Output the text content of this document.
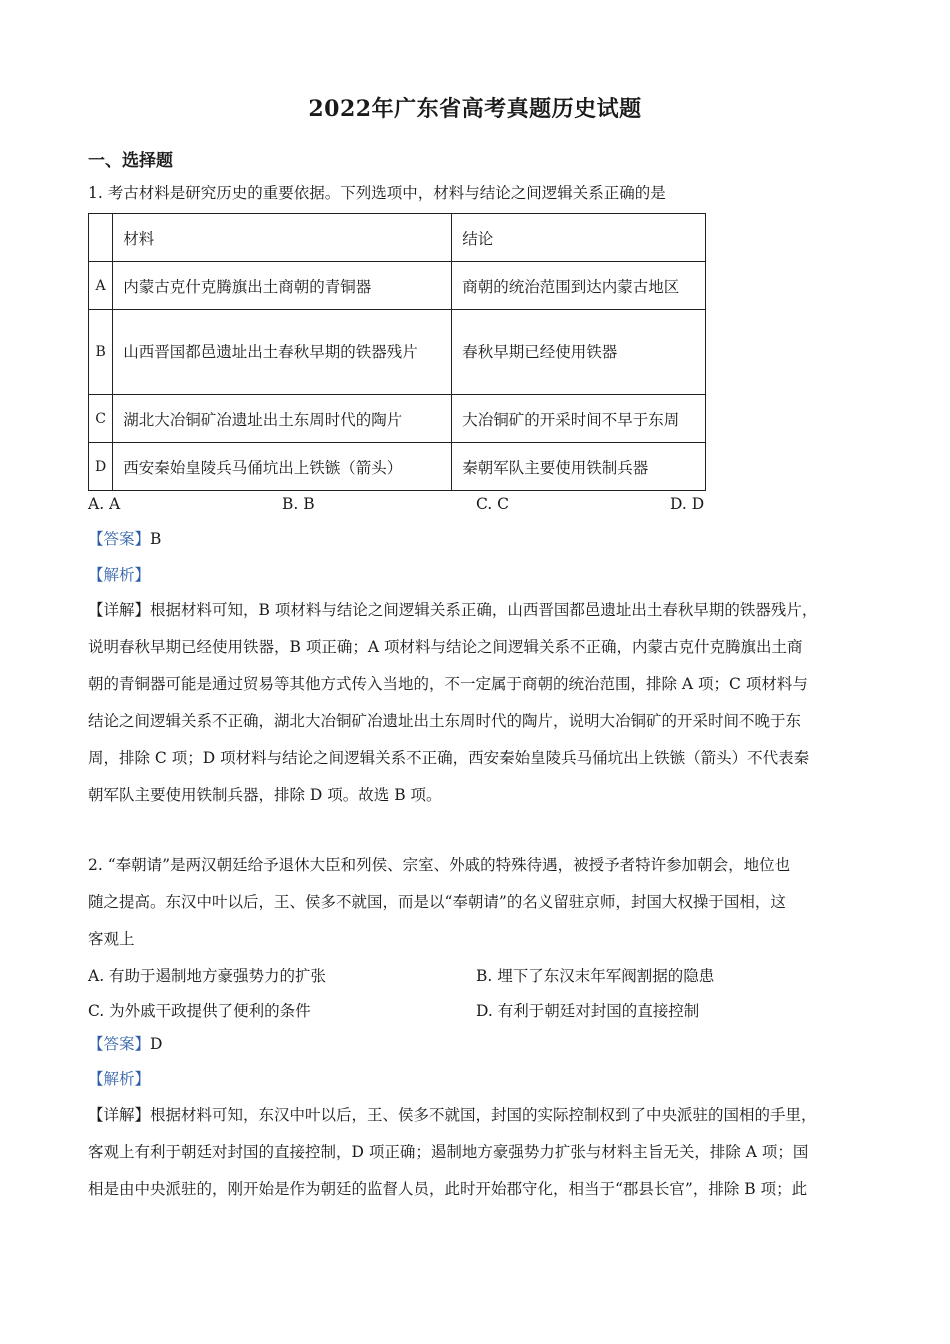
2022年广东省高考真题历史试题
一、选择题
1. 考古材料是研究历史的重要依据。下列选项中，材料与结论之间逻辑关系正确的是
	材料	结论
A	内蒙古克什克腾旗出土商朝的青铜器	商朝的统治范围到达内蒙古地区
B	山西晋国都邑遗址出土春秋早期的铁器残片	春秋早期已经使用铁器
C	湖北大冶铜矿冶遗址出土东周时代的陶片	大冶铜矿的开采时间不早于东周
D	西安秦始皇陵兵马俑坑出上铁镞（箭头）	秦朝军队主要使用铁制兵器
A. A	B. B	C. C	D. D
【答案】B
【解析】
【详解】根据材料可知，B 项材料与结论之间逻辑关系正确，山西晋国都邑遗址出土春秋早期的铁器残片，
说明春秋早期已经使用铁器，B 项正确；A 项材料与结论之间逻辑关系不正确，内蒙古克什克腾旗出土商
朝的青铜器可能是通过贸易等其他方式传入当地的，不一定属于商朝的统治范围，排除 A 项；C 项材料与
结论之间逻辑关系不正确，湖北大冶铜矿冶遗址出土东周时代的陶片，说明大冶铜矿的开采时间不晚于东
周，排除 C 项；D 项材料与结论之间逻辑关系不正确，西安秦始皇陵兵马俑坑出上铁镞（箭头）不代表秦
朝军队主要使用铁制兵器，排除 D 项。故选 B 项。
2. “奉朝请”是两汉朝廷给予退休大臣和列侯、宗室、外戚的特殊待遇，被授予者特许参加朝会，地位也
随之提高。东汉中叶以后，王、侯多不就国，而是以“奉朝请”的名义留驻京师，封国大权操于国相，这
客观上
A. 有助于遏制地方豪强势力的扩张	B. 埋下了东汉末年军阀割据的隐患
C. 为外戚干政提供了便利的条件	D. 有利于朝廷对封国的直接控制
【答案】D
【解析】
【详解】根据材料可知，东汉中叶以后，王、侯多不就国，封国的实际控制权到了中央派驻的国相的手里，
客观上有利于朝廷对封国的直接控制，D 项正确；遏制地方豪强势力扩张与材料主旨无关，排除 A 项；国
相是由中央派驻的，刚开始是作为朝廷的监督人员，此时开始郡守化，相当于“郡县长官”，排除 B 项；此
